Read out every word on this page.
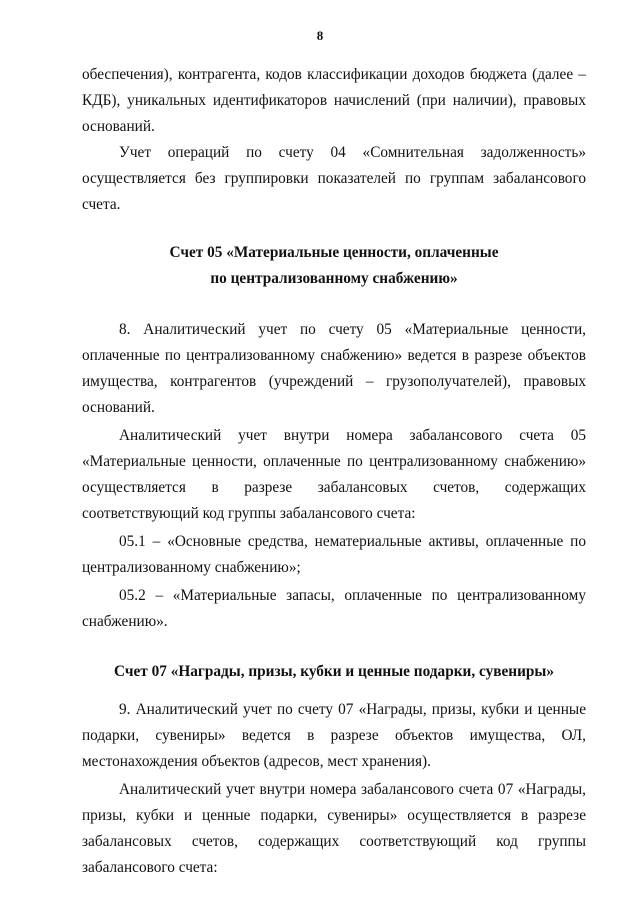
8

обеспечения), контрагента, кодов классификации доходов бюджета (далее – КДБ), уникальных идентификаторов начислений (при наличии), правовых оснований.

Учет операций по счету 04 «Сомнительная задолженность» осуществляется без группировки показателей по группам забалансового счета.

Счет 05 «Материальные ценности, оплаченные
по централизованному снабжению»

8. Аналитический учет по счету 05 «Материальные ценности, оплаченные по централизованному снабжению» ведется в разрезе объектов имущества, контрагентов (учреждений – грузополучателей), правовых оснований.

Аналитический учет внутри номера забалансового счета 05 «Материальные ценности, оплаченные по централизованному снабжению» осуществляется в разрезе забалансовых счетов, содержащих соответствующий код группы забалансового счета:

05.1 – «Основные средства, нематериальные активы, оплаченные по централизованному снабжению»;

05.2 – «Материальные запасы, оплаченные по централизованному снабжению».

Счет 07 «Награды, призы, кубки и ценные подарки, сувениры»

9. Аналитический учет по счету 07 «Награды, призы, кубки и ценные подарки, сувениры» ведется в разрезе объектов имущества, ОЛ, местонахождения объектов (адресов, мест хранения).

Аналитический учет внутри номера забалансового счета 07 «Награды, призы, кубки и ценные подарки, сувениры» осуществляется в разрезе забалансовых счетов, содержащих соответствующий код группы забалансового счета:
